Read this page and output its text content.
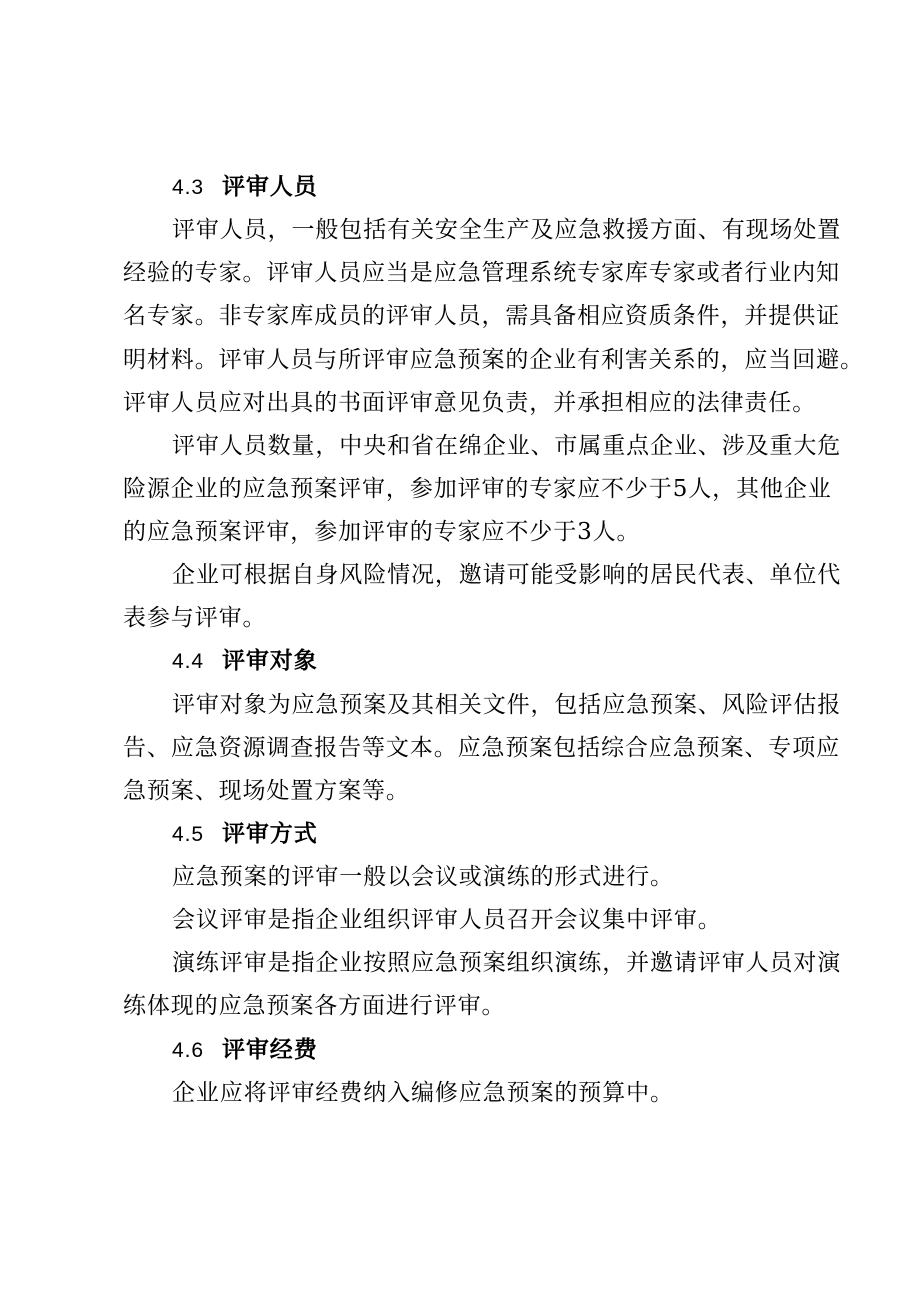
4.3 评审人员
评审人员，一般包括有关安全生产及应急救援方面、有现场处置
经验的专家。评审人员应当是应急管理系统专家库专家或者行业内知
名专家。非专家库成员的评审人员，需具备相应资质条件，并提供证
明材料。评审人员与所评审应急预案的企业有利害关系的，应当回避。
评审人员应对出具的书面评审意见负责，并承担相应的法律责任。
评审人员数量，中央和省在绵企业、市属重点企业、涉及重大危
险源企业的应急预案评审，参加评审的专家应不少于5人，其他企业
的应急预案评审，参加评审的专家应不少于3人。
企业可根据自身风险情况，邀请可能受影响的居民代表、单位代
表参与评审。
4.4 评审对象
评审对象为应急预案及其相关文件，包括应急预案、风险评估报
告、应急资源调查报告等文本。应急预案包括综合应急预案、专项应
急预案、现场处置方案等。
4.5 评审方式
应急预案的评审一般以会议或演练的形式进行。
会议评审是指企业组织评审人员召开会议集中评审。
演练评审是指企业按照应急预案组织演练，并邀请评审人员对演
练体现的应急预案各方面进行评审。
4.6 评审经费
企业应将评审经费纳入编修应急预案的预算中。
